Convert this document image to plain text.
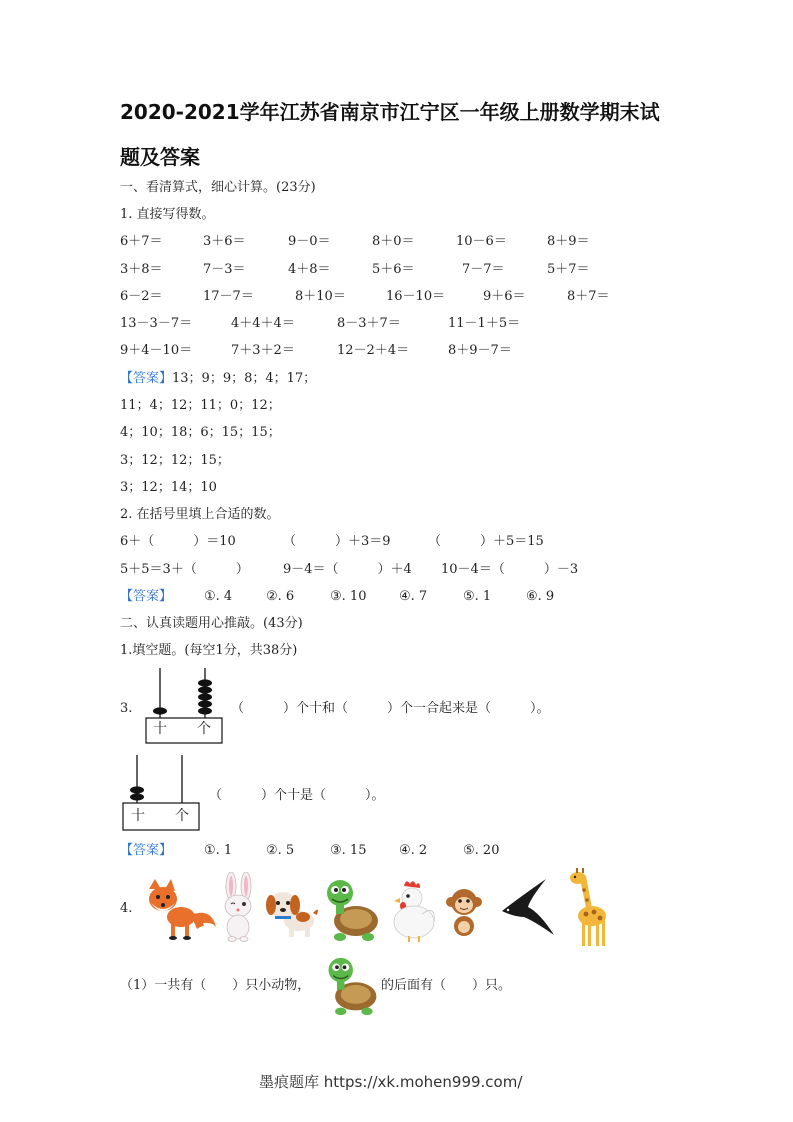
2020-2021学年江苏省南京市江宁区一年级上册数学期末试
题及答案
一、看清算式，细心计算。(23分)
1. 直接写得数。
6＋7＝	3＋6＝	9－0＝	8＋0＝	10－6＝	8＋9＝
3＋8＝	7－3＝	4＋8＝	5＋6＝	7－7＝	5＋7＝
6－2＝	17－7＝	8＋10＝	16－10＝	9＋6＝	8＋7＝
13－3－7＝	4＋4＋4＝	8－3＋7＝	11－1＋5＝
9＋4－10＝	7＋3＋2＝	12－2＋4＝	8＋9－7＝
【答案】13；9；9；8；4；17；
11；4；12；11；0；12；
4；10；18；6；15；15；
3；12；12；15；
3；12；14；10
2. 在括号里填上合适的数。
6＋（　　　）＝10	（　　　）＋3＝9	（　　　）＋5＝15
5＋5＝3＋（　　　）	9－4＝（　　　）＋4 10－4＝（　　　）－3
【答案】 ①. 4	②. 6	③. 10	④. 7	⑤. 1	⑥. 9
二、认真读题用心推敲。(43分)
1.填空题。(每空1分，共38分)
3.
十 个
（　　　）个十和（　　　）个一合起来是（　　　）。
十 个
（　　　）个十是（　　　）。
【答案】 ①. 1	②. 5	③. 15	④. 2	⑤. 20
4.
（1）一共有（　　）只小动物，	的后面有（　　）只。
墨痕题库 https://xk.mohen999.com/
